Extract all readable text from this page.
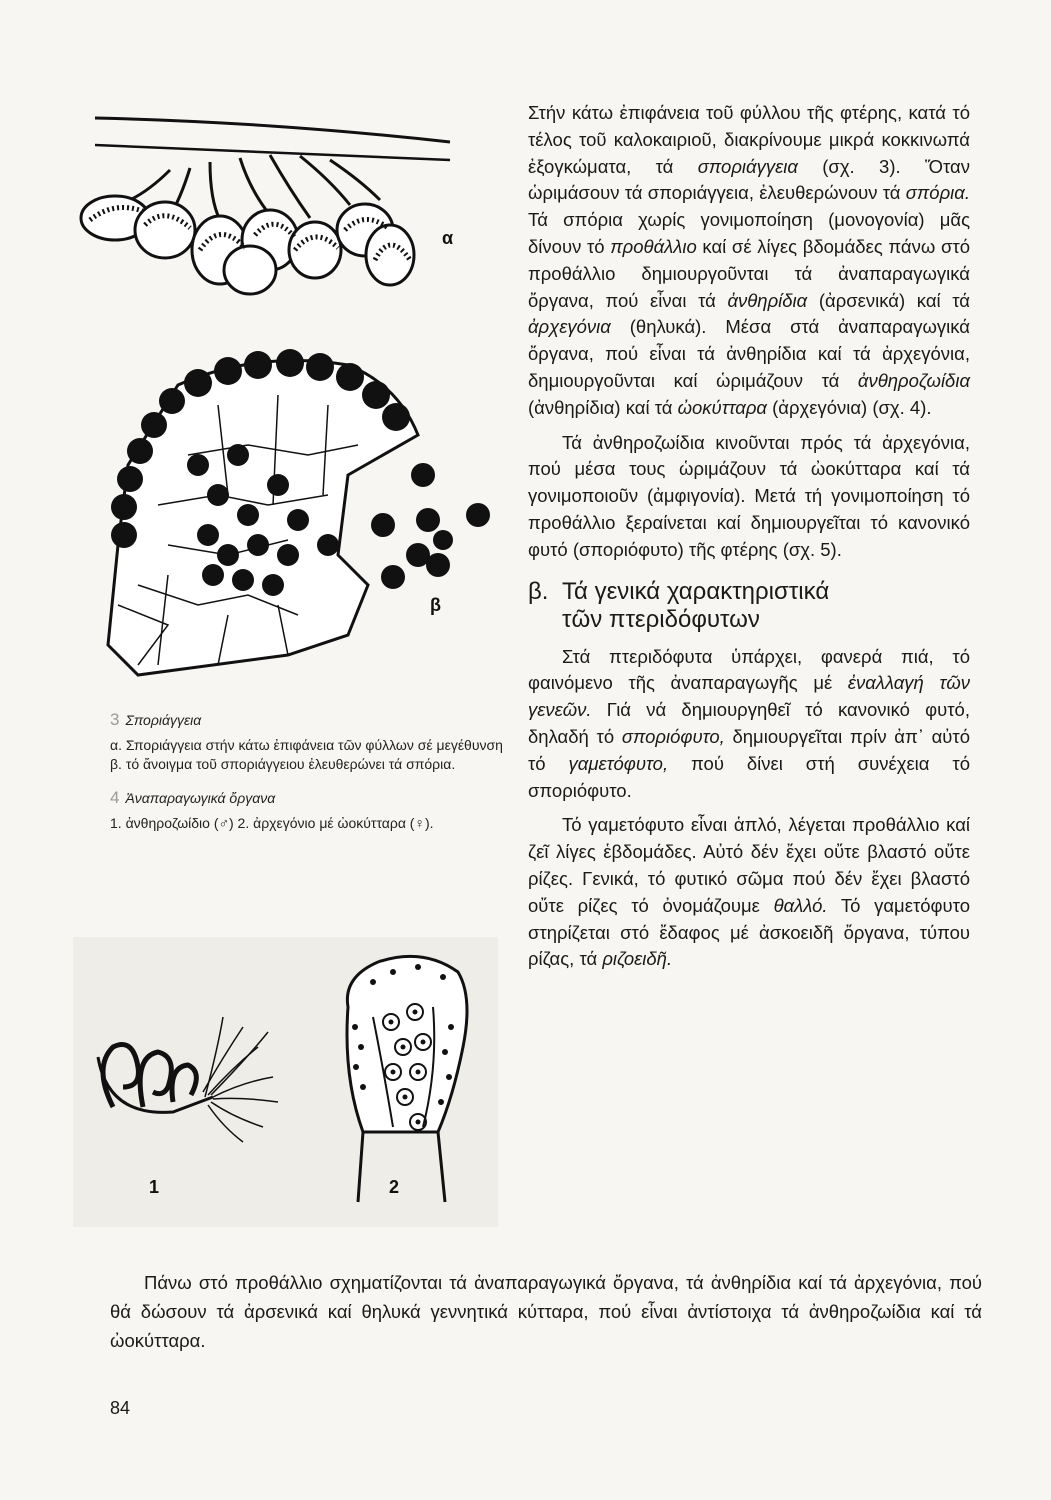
α
β

Στήν κάτω ἐπιφάνεια τοῦ φύλλου τῆς φτέρης, κατά τό τέλος τοῦ καλοκαιριοῦ, διακρίνουμε μικρά κοκκινωπά ἐξογκώματα, τά σποριάγγεια (σχ. 3). Ὅταν ὡριμάσουν τά σποριάγγεια, ἐλευθερώνουν τά σπόρια. Τά σπόρια χωρίς γονιμοποίηση (μονογονία) μᾶς δίνουν τό προθάλλιο καί σέ λίγες βδομάδες πάνω στό προθάλλιο δημιουργοῦνται τά ἀναπαραγωγικά ὄργανα, πού εἶναι τά ἀνθηρίδια (ἀρσενικά) καί τά ἀρχεγόνια (θηλυκά). Μέσα στά ἀναπαραγωγικά ὄργανα, πού εἶναι τά ἀνθηρίδια καί τά ἀρχεγόνια, δημιουργοῦνται καί ὡριμάζουν τά ἀνθηροζωίδια (ἀνθηρίδια) καί τά ὠοκύτταρα (ἀρχεγόνια) (σχ. 4).

Τά ἀνθηροζωίδια κινοῦνται πρός τά ἀρχεγόνια, πού μέσα τους ὡριμάζουν τά ὠοκύτταρα καί τά γονιμοποιοῦν (ἀμφιγονία). Μετά τή γονιμοποίηση τό προθάλλιο ξεραίνεται καί δημιουργεῖται τό κανονικό φυτό (σποριόφυτο) τῆς φτέρης (σχ. 5).

β. Τά γενικά χαρακτηριστικά
τῶν πτεριδόφυτων

Στά πτεριδόφυτα ὑπάρχει, φανερά πιά, τό φαινόμενο τῆς ἀναπαραγωγῆς μέ ἐναλλαγή τῶν γενεῶν. Γιά νά δημιουργηθεῖ τό κανονικό φυτό, δηλαδή τό σποριόφυτο, δημιουργεῖται πρίν ἀπ᾿ αὐτό τό γαμετόφυτο, πού δίνει στή συνέχεια τό σποριόφυτο.

Τό γαμετόφυτο εἶναι ἁπλό, λέγεται προθάλλιο καί ζεῖ λίγες ἑβδομάδες. Αὐτό δέν ἔχει οὔτε βλαστό οὔτε ρίζες. Γενικά, τό φυτικό σῶμα πού δέν ἔχει βλαστό οὔτε ρίζες τό ὀνομάζουμε θαλλό. Τό γαμετόφυτο στηρίζεται στό ἔδαφος μέ ἀσκοειδῆ ὄργανα, τύπου ρίζας, τά ριζοειδῆ.

3 Σποριάγγεια
α. Σποριάγγεια στήν κάτω ἐπιφάνεια τῶν φύλλων σέ μεγέθυνση
β. τό ἄνοιγμα τοῦ σποριάγγειου ἐλευθερώνει τά σπόρια.
4 Ἀναπαραγωγικά ὄργανα
1. ἀνθηροζωίδιο (♂) 2. ἀρχεγόνιο μέ ὠοκύτταρα (♀).
1	2
Πάνω στό προθάλλιο σχηματίζονται τά ἀναπαραγωγικά ὄργανα, τά ἀνθηρίδια καί τά ἀρχεγόνια, πού θά δώσουν τά ἀρσενικά καί θηλυκά γεννητικά κύτταρα, πού εἶναι ἀντίστοιχα τά ἀνθηροζωίδια καί τά ὠοκύτταρα.
84
